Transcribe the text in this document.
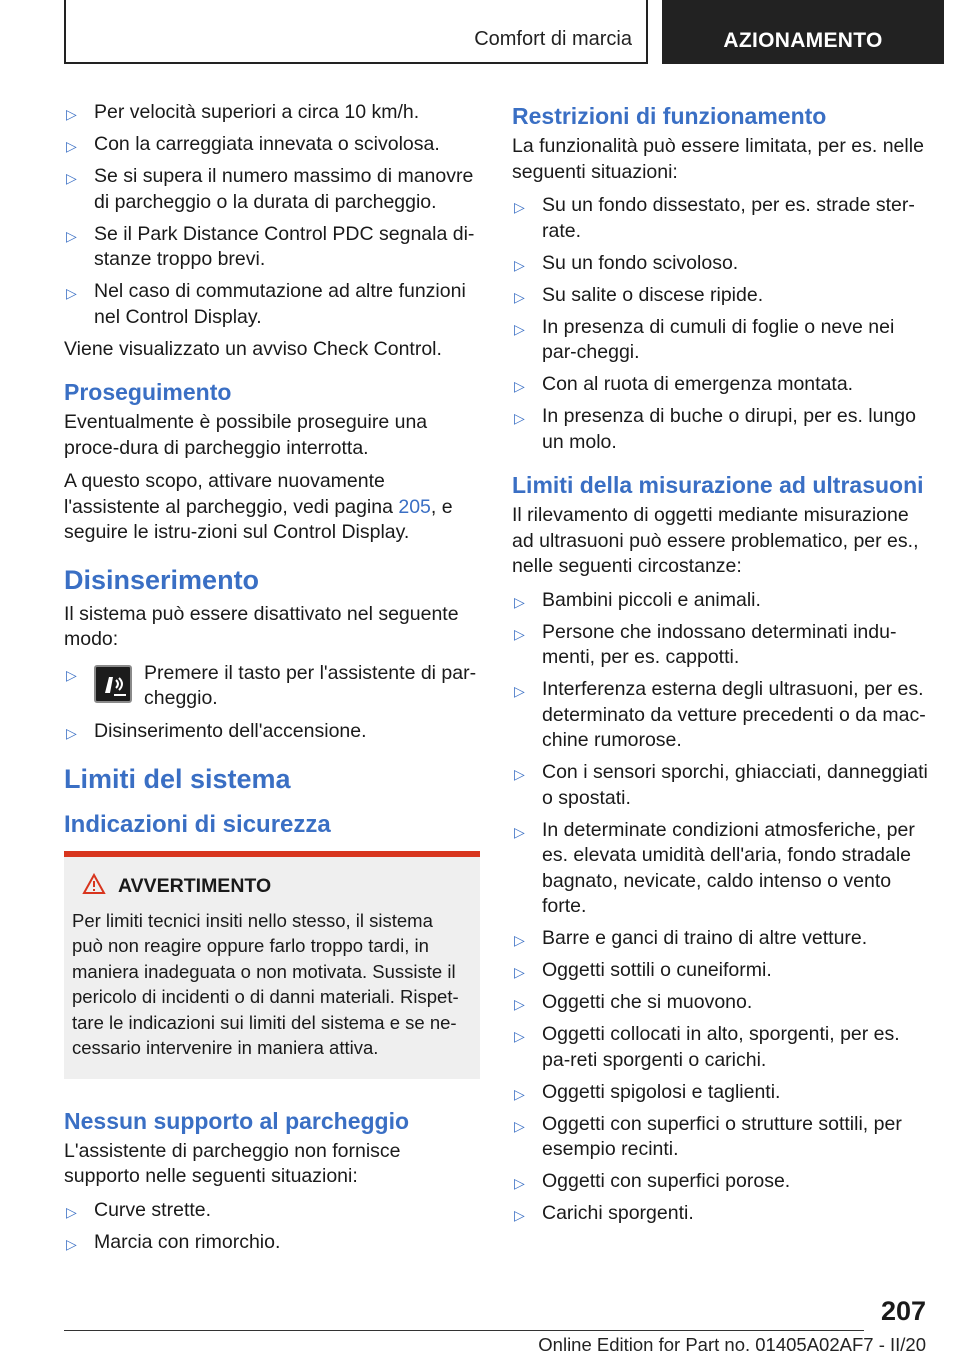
Comfort di marcia	AZIONAMENTO
▷ Per velocità superiori a circa 10 km/h.
▷ Con la carreggiata innevata o scivolosa.
▷ Se si supera il numero massimo di manovre di parcheggio o la durata di parcheggio.
▷ Se il Park Distance Control PDC segnala di‐stanze troppo brevi.
▷ Nel caso di commutazione ad altre funzioni nel Control Display.

Viene visualizzato un avviso Check Control.

Proseguimento

Eventualmente è possibile proseguire una proce‐dura di parcheggio interrotta.

A questo scopo, attivare nuovamente l'assistente al parcheggio, vedi pagina 205, e seguire le istru‐zioni sul Control Display.

Disinserimento

Il sistema può essere disattivato nel seguente modo:

▷	Premere il tasto per l'assistente di par‐cheggio.
▷ Disinserimento dell'accensione.
Limiti del sistema
Indicazioni di sicurezza
AVVERTIMENTO

Per limiti tecnici insiti nello stesso, il sistema può non reagire oppure farlo troppo tardi, in maniera inadeguata o non motivata. Sussiste il pericolo di incidenti o di danni materiali. Rispet‐tare le indicazioni sui limiti del sistema e se ne‐cessario intervenire in maniera attiva.

Nessun supporto al parcheggio

L'assistente di parcheggio non fornisce supporto nelle seguenti situazioni:

▷ Curve strette.
▷ Marcia con rimorchio.
Restrizioni di funzionamento

La funzionalità può essere limitata, per es. nelle seguenti situazioni:

▷ Su un fondo dissestato, per es. strade ster‐rate.
▷ Su un fondo scivoloso.
▷ Su salite o discese ripide.
▷ In presenza di cumuli di foglie o neve nei par‐cheggi.
▷ Con al ruota di emergenza montata.
▷ In presenza di buche o dirupi, per es. lungo un molo.
Limiti della misurazione ad ultrasuoni

Il rilevamento di oggetti mediante misurazione ad ultrasuoni può essere problematico, per es., nelle seguenti circostanze:

▷ Bambini piccoli e animali.
▷ Persone che indossano determinati indu‐menti, per es. cappotti.
▷ Interferenza esterna degli ultrasuoni, per es. determinato da vetture precedenti o da mac‐chine rumorose.
▷ Con i sensori sporchi, ghiacciati, danneggiati o spostati.
▷ In determinate condizioni atmosferiche, per es. elevata umidità dell'aria, fondo stradale bagnato, nevicate, caldo intenso o vento forte.
▷ Barre e ganci di traino di altre vetture.
▷ Oggetti sottili o cuneiformi.
▷ Oggetti che si muovono.
▷ Oggetti collocati in alto, sporgenti, per es. pa‐reti sporgenti o carichi.
▷ Oggetti spigolosi e taglienti.
▷ Oggetti con superfici o strutture sottili, per esempio recinti.
▷ Oggetti con superfici porose.
▷ Carichi sporgenti.
207
Online Edition for Part no. 01405A02AF7 - II/20
